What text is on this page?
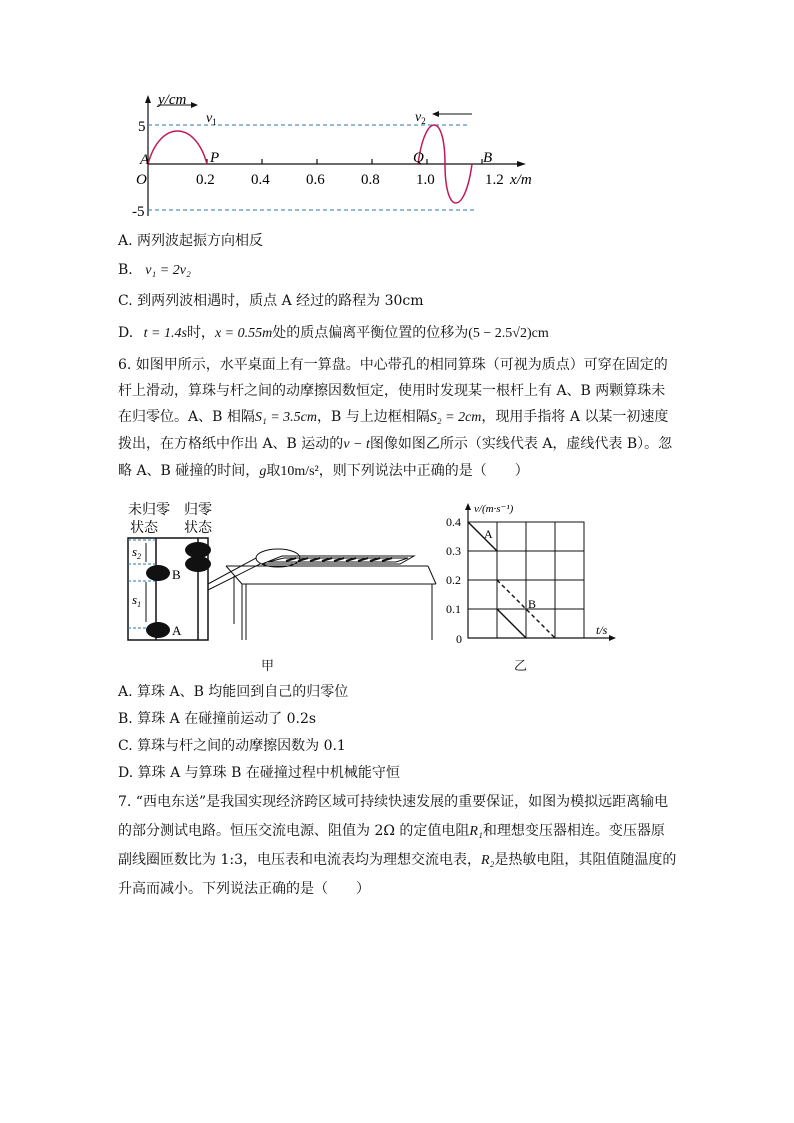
y/cm
5
-5
O
A	P	Q	B
0.2 0.4 0.6 0.8 1.0	1.2 x/m
$v_1$	$v_2$
A. 两列波起振方向相反
B. v₁ = 2v₂
C. 到两列波相遇时，质点 A 经过的路程为 30cm
D. t = 1.4s时，x = 0.55m处的质点偏离平衡位置的位移为(5 − 2.5√2)cm
6. 如图甲所示，水平桌面上有一算盘。中心带孔的相同算珠（可视为质点）可穿在固定的杆上滑动，算珠与杆之间的动摩擦因数恒定，使用时发现某一根杆上有 A、B 两颗算珠未在归零位。A、B 相隔S₁ = 3.5cm，B 与上边框相隔S₂ = 2cm，现用手指将 A 以某一初速度拨出，在方格纸中作出 A、B 运动的v − t图像如图乙所示（实线代表 A，虚线代表 B）。忽略 A、B 碰撞的时间，g取10m/s²，则下列说法中正确的是（　　）
未归零
状态
归零
状态
$s_2$
$s_1$
B
A
甲
v/(m·s⁻¹)
t/s
0.4
0.3
0.2
0.1
0
A
B
乙
A. 算珠 A、B 均能回到自己的归零位
B. 算珠 A 在碰撞前运动了 0.2s
C. 算珠与杆之间的动摩擦因数为 0.1
D. 算珠 A 与算珠 B 在碰撞过程中机械能守恒
7. “西电东送”是我国实现经济跨区域可持续快速发展的重要保证，如图为模拟远距离输电的部分测试电路。恒压交流电源、阻值为 2Ω 的定值电阻R₁和理想变压器相连。变压器原副线圈匝数比为 1:3，电压表和电流表均为理想交流电表，R₂是热敏电阻，其阻值随温度的升高而减小。下列说法正确的是（　　）
